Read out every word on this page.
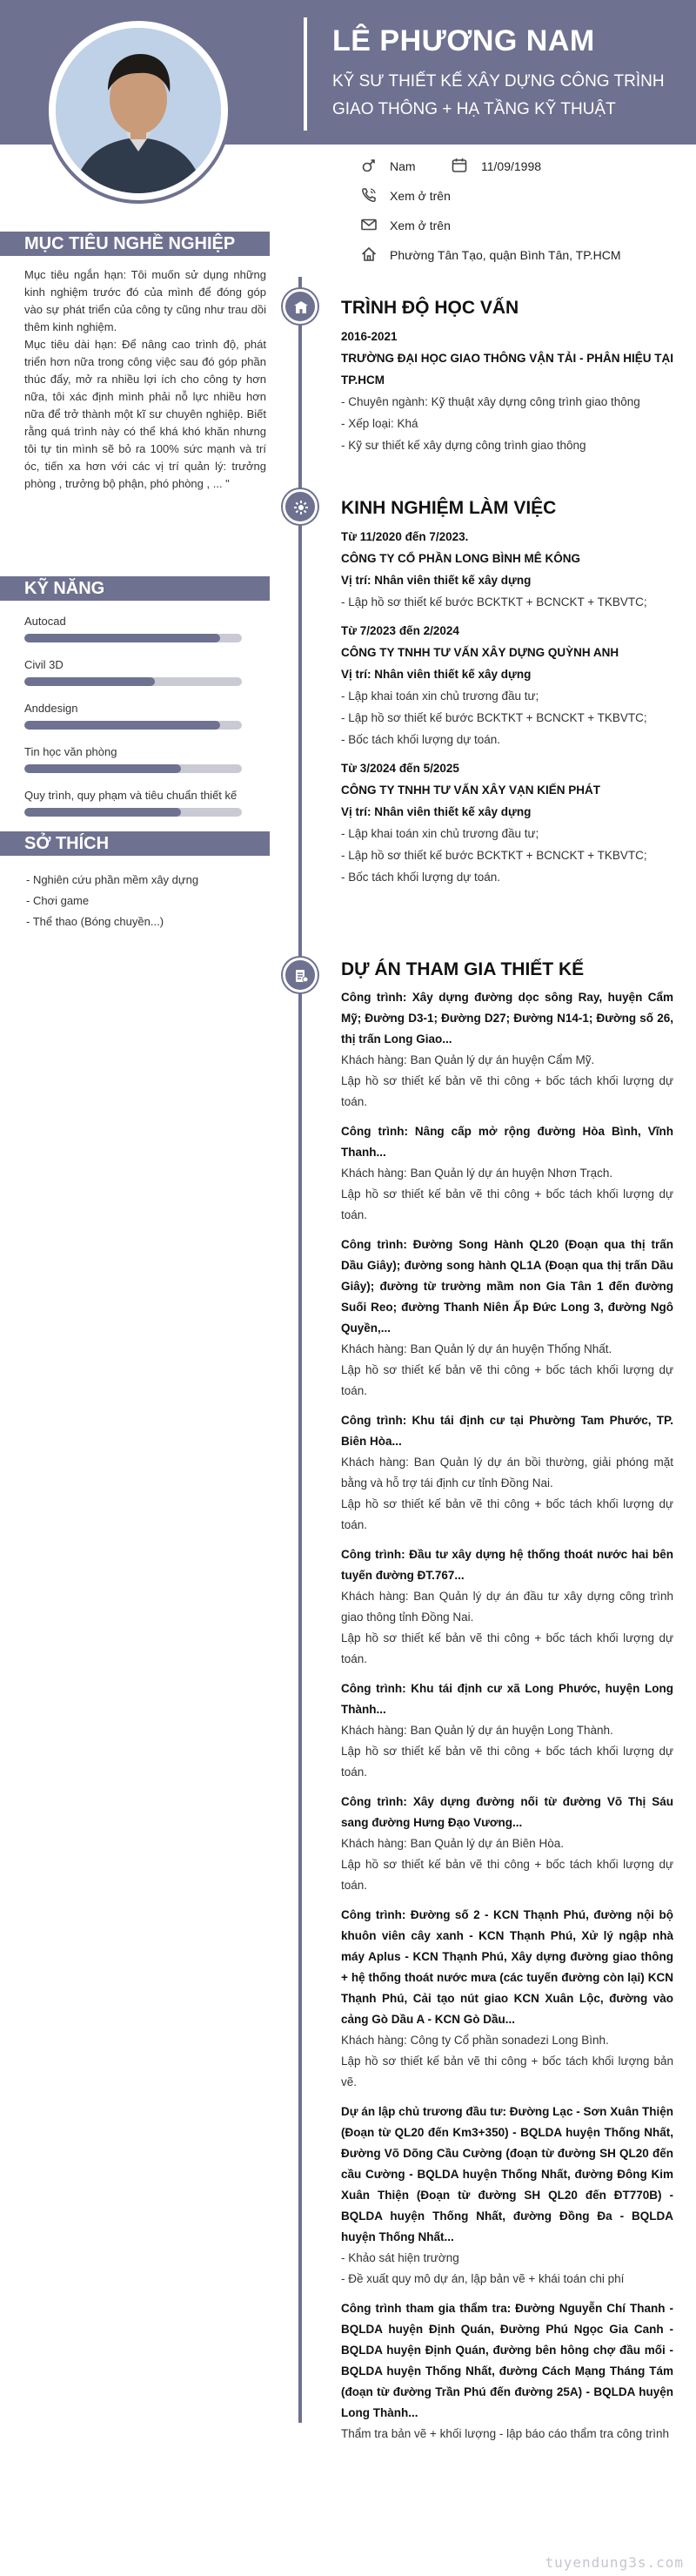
LÊ PHƯƠNG NAM
KỸ SƯ THIẾT KẾ XÂY DỰNG CÔNG TRÌNH GIAO THÔNG + HẠ TẦNG KỸ THUẬT
Nam	11/09/1998
Xem ở trên
Xem ở trên
Phường Tân Tạo, quận Bình Tân, TP.HCM
MỤC TIÊU NGHỀ NGHIỆP
Mục tiêu ngắn hạn: Tôi muốn sử dụng những kinh nghiệm trước đó của mình để đóng góp vào sự phát triển của công ty cũng như trau dồi thêm kinh nghiệm.
Mục tiêu dài hạn: Để nâng cao trình độ, phát triển hơn nữa trong công việc sau đó góp phần thúc đẩy, mở ra nhiều lợi ích cho công ty hơn nữa, tôi xác định mình phải nỗ lực nhiều hơn nữa để trở thành một kĩ sư chuyên nghiệp. Biết rằng quá trình này có thể khá khó khăn nhưng tôi tự tin mình sẽ bỏ ra 100% sức mạnh và trí óc, tiến xa hơn với các vị trí quản lý: trưởng phòng , trưởng bộ phận, phó phòng , ... "
KỸ NĂNG
Autocad
Civil 3D
Anddesign
Tin học văn phòng
Quy trình, quy phạm và tiêu chuẩn thiết kế
SỞ THÍCH
- Nghiên cứu phần mềm xây dựng
- Chơi game
- Thể thao (Bóng chuyền...)
TRÌNH ĐỘ HỌC VẤN
2016-2021
TRƯỜNG ĐẠI HỌC GIAO THÔNG VẬN TẢI - PHÂN HIỆU TẠI TP.HCM
- Chuyên ngành: Kỹ thuật xây dựng công trình giao thông
- Xếp loại: Khá
- Kỹ sư thiết kế xây dựng công trình giao thông
KINH NGHIỆM LÀM VIỆC
Từ 11/2020 đến 7/2023.
CÔNG TY CỔ PHẦN LONG BÌNH MÊ KÔNG
Vị trí: Nhân viên thiết kế xây dựng
- Lập hồ sơ thiết kế bước BCKTKT + BCNCKT + TKBVTC;
Từ 7/2023 đến 2/2024
CÔNG TY TNHH TƯ VẤN XÂY DỰNG QUỲNH ANH
Vị trí: Nhân viên thiết kế xây dựng
- Lập khai toán xin chủ trương đầu tư;
- Lập hồ sơ thiết kế bước BCKTKT + BCNCKT + TKBVTC;
- Bốc tách khối lượng dự toán.
Từ 3/2024 đến 5/2025
CÔNG TY TNHH TƯ VẤN XÂY VẠN KIẾN PHÁT
Vị trí: Nhân viên thiết kế xây dựng
- Lập khai toán xin chủ trương đầu tư;
- Lập hồ sơ thiết kế bước BCKTKT + BCNCKT + TKBVTC;
- Bốc tách khối lượng dự toán.
DỰ ÁN THAM GIA THIẾT KẾ
Công trình: Xây dựng đường dọc sông Ray, huyện Cẩm Mỹ; Đường D3-1; Đường D27; Đường N14-1; Đường số 26, thị trấn Long Giao...
Khách hàng: Ban Quản lý dự án huyện Cẩm Mỹ.
Lập hồ sơ thiết kế bản vẽ thi công + bốc tách khối lượng dự toán.
Công trình: Nâng cấp mở rộng đường Hòa Bình, Vĩnh Thanh...
Khách hàng: Ban Quản lý dự án huyện Nhơn Trạch.
Lập hồ sơ thiết kế bản vẽ thi công + bốc tách khối lượng dự toán.
Công trình: Đường Song Hành QL20 (Đoạn qua thị trấn Dầu Giây); đường song hành QL1A (Đoạn qua thị trấn Dầu Giây); đường từ trường mầm non Gia Tân 1 đến đường Suối Reo; đường Thanh Niên Ấp Đức Long 3, đường Ngô Quyền,...
Khách hàng: Ban Quản lý dự án huyện Thống Nhất.
Lập hồ sơ thiết kế bản vẽ thi công + bốc tách khối lượng dự toán.
Công trình: Khu tái định cư tại Phường Tam Phước, TP. Biên Hòa...
Khách hàng: Ban Quản lý dự án bồi thường, giải phóng mặt bằng và hỗ trợ tái định cư tỉnh Đồng Nai.
Lập hồ sơ thiết kế bản vẽ thi công + bốc tách khối lượng dự toán.
Công trình: Đầu tư xây dựng hệ thống thoát nước hai bên tuyến đường ĐT.767...
Khách hàng: Ban Quản lý dự án đầu tư xây dựng công trình giao thông tỉnh Đồng Nai.
Lập hồ sơ thiết kế bản vẽ thi công + bốc tách khối lượng dự toán.
Công trình: Khu tái định cư xã Long Phước, huyện Long Thành...
Khách hàng: Ban Quản lý dự án huyện Long Thành.
Lập hồ sơ thiết kế bản vẽ thi công + bốc tách khối lượng dự toán.
Công trình: Xây dựng đường nối từ đường Võ Thị Sáu sang đường Hưng Đạo Vương...
Khách hàng: Ban Quản lý dự án Biên Hòa.
Lập hồ sơ thiết kế bản vẽ thi công + bốc tách khối lượng dự toán.
Công trình: Đường số 2 - KCN Thạnh Phú, đường nội bộ khuôn viên cây xanh - KCN Thạnh Phú, Xử lý ngập nhà máy Aplus - KCN Thạnh Phú, Xây dựng đường giao thông + hệ thống thoát nước mưa (các tuyến đường còn lại) KCN Thạnh Phú, Cải tạo nút giao KCN Xuân Lộc, đường vào cảng Gò Dầu A - KCN Gò Dầu...
Khách hàng: Công ty Cổ phần sonadezi Long Bình.
Lập hồ sơ thiết kế bản vẽ thi công + bốc tách khối lượng bản vẽ.
Dự án lập chủ trương đầu tư: Đường Lạc - Sơn Xuân Thiện (Đoạn từ QL20 đến Km3+350) - BQLDA huyện Thống Nhất, Đường Võ Dõng Cầu Cường (đoạn từ đường SH QL20 đến cầu Cường - BQLDA huyện Thống Nhất, đường Đông Kim Xuân Thiện (Đoạn từ đường SH QL20 đến ĐT770B) - BQLDA huyện Thống Nhất, đường Đồng Đa - BQLDA huyện Thống Nhất...
- Khảo sát hiện trường
- Đề xuất quy mô dự án, lập bản vẽ + khái toán chi phí
Công trình tham gia thẩm tra: Đường Nguyễn Chí Thanh - BQLDA huyện Định Quán, Đường Phú Ngọc Gia Canh - BQLDA huyện Định Quán, đường bên hông chợ đầu mối - BQLDA huyện Thống Nhất, đường Cách Mạng Tháng Tám (đoạn từ đường Trần Phú đến đường 25A) - BQLDA huyện Long Thành...
Thẩm tra bản vẽ + khối lượng - lập báo cáo thẩm tra công trình
tuyendung3s.com
